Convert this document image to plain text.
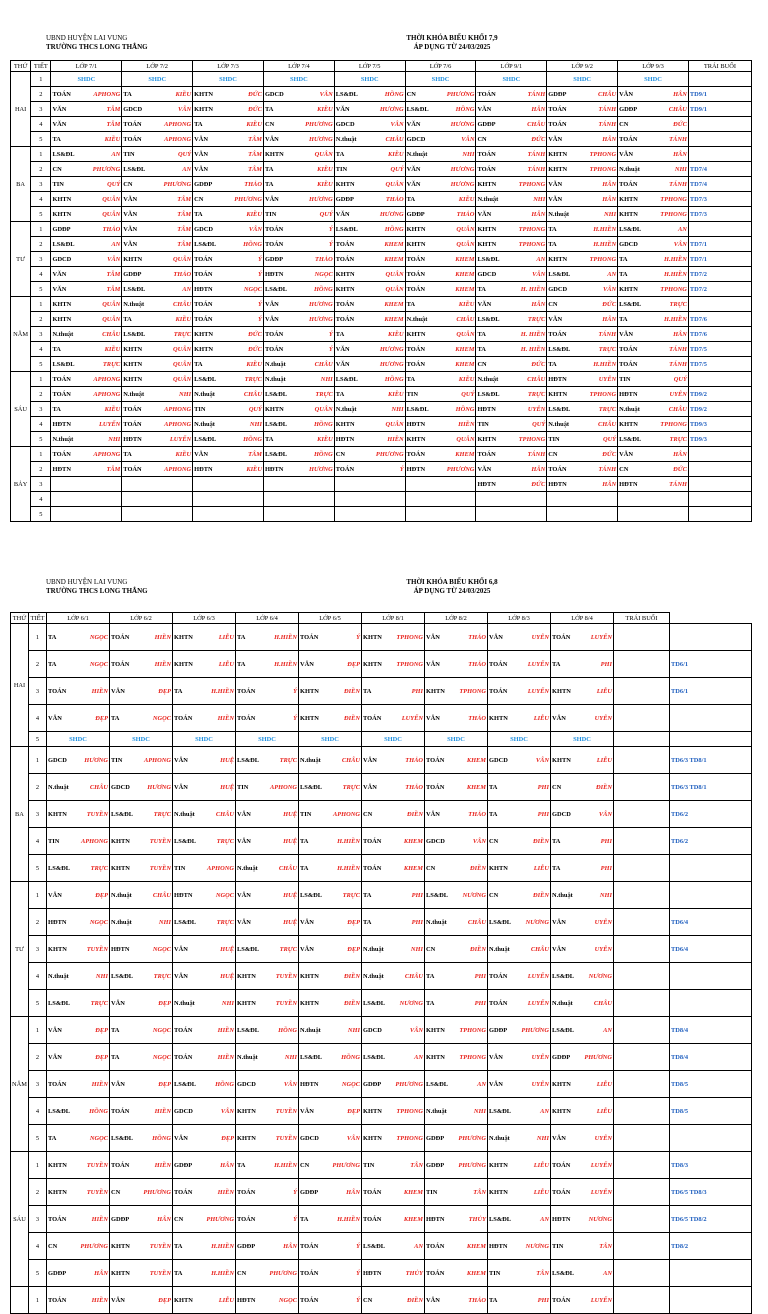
UBND HUYỆN LAI VUNG
TRƯỜNG THCS LONG THẮNG
THỜI KHÓA BIỂU KHỐI 7,9
ÁP DỤNG TỪ 24/03/2025
THỨ	TIẾT	LỚP 7/1	LỚP 7/2	LỚP 7/3	LỚP 7/4	LỚP 7/5	LỚP 7/6	LỚP 9/1	LỚP 9/2	LỚP 9/3		TRÁI BUỔI
HAI	1	SHDC	SHDC	SHDC	SHDC	SHDC	SHDC	SHDC	SHDC	SHDC		
	2	TOÁN APHONG	TA KIỀU	KHTN ĐỨC	GDCD VÂN	LS&ĐL HỒNG	CN PHƯƠNG	TOÁN TÁNH	GDĐP CHÂU	VĂN HÂN		TD9/1
	3	VĂN TÂM	GDCD VÂN	KHTN ĐỨC	TA KIỀU	VĂN HƯƠNG	LS&ĐL HỒNG	VĂN HÂN	TOÁN TÁNH	GDĐP CHÂU		TD9/1
	4	VĂN TÂM	TOÁN APHONG	TA KIỀU	CN PHƯƠNG	GDCD VÂN	VĂN HƯƠNG	GDĐP CHÂU	TOÁN TÁNH	CN ĐỨC	

	5	TA KIỀU	TOÁN APHONG	VĂN TÂM	VĂN HƯƠNG	N.thuật CHÂU	GDCD VÂN	CN ĐỨC	VĂN HÂN	TOÁN TÁNH	

BA	1	LS&ĐL AN	TIN QUÝ	VĂN TÂM	KHTN QUÂN	TA KIỀU	N.thuật NHI	TOÁN TÁNH	KHTN TPHONG	VĂN HÂN	

	2	CN PHƯƠNG	LS&ĐL AN	VĂN TÂM	TA KIỀU	TIN QUÝ	VĂN HƯƠNG	TOÁN TÁNH	KHTN TPHONG	N.thuật NHI		TD7/4
	3	TIN QUÝ	CN PHƯƠNG	GDĐP THẢO	TA KIỀU	KHTN QUÂN	VĂN HƯƠNG	KHTN TPHONG	VĂN HÂN	TOÁN TÁNH		TD7/4
	4	KHTN QUÂN	VĂN TÂM	CN PHƯƠNG	VĂN HƯƠNG	GDĐP THẢO	TA KIỀU	N.thuật NHI	VĂN HÂN	KHTN TPHONG		TD7/3
	5	KHTN QUÂN	VĂN TÂM	TA KIỀU	TIN QUÝ	VĂN HƯƠNG	GDĐP THẢO	VĂN HÂN	N.thuật NHI	KHTN TPHONG		TD7/3
TƯ	1	GDĐP THẢO	VĂN TÂM	GDCD VÂN	TOÁN Ý	LS&ĐL HỒNG	KHTN QUÂN	KHTN TPHONG	TA H.HIỀN	LS&ĐL AN	

	2	LS&ĐL AN	VĂN TÂM	LS&ĐL HỒNG	TOÁN Ý	TOÁN KHEM	KHTN QUÂN	KHTN TPHONG	TA H.HIỀN	GDCD VÂN		TD7/1
	3	GDCD VÂN	KHTN QUÂN	TOÁN Ý	GDĐP THẢO	TOÁN KHEM	TOÁN KHEM	LS&ĐL AN	KHTN TPHONG	TA H.HIỀN		TD7/1
	4	VĂN TÂM	GDĐP THẢO	TOÁN Ý	HĐTN NGỌC	KHTN QUÂN	TOÁN KHEM	GDCD VÂN	LS&ĐL AN	TA H.HIỀN		TD7/2
	5	VĂN TÂM	LS&ĐL AN	HĐTN NGỌC	LS&ĐL HỒNG	KHTN QUÂN	TOÁN KHEM	TA H. HIỀN	GDCD VÂN	KHTN TPHONG		TD7/2
NĂM	1	KHTN QUÂN	N.thuật CHÂU	TOÁN Ý	VĂN HƯƠNG	TOÁN KHEM	TA KIỀU	VĂN HÂN	CN ĐỨC	LS&ĐL TRỰC	

	2	KHTN QUÂN	TA KIỀU	TOÁN Ý	VĂN HƯƠNG	TOÁN KHEM	N.thuật CHÂU	LS&ĐL TRỰC	VĂN HÂN	TA H.HIỀN		TD7/6
	3	N.thuật CHÂU	LS&ĐL TRỰC	KHTN ĐỨC	TOÁN Ý	TA KIỀU	KHTN QUÂN	TA H. HIỀN	TOÁN TÁNH	VĂN HÂN		TD7/6
	4	TA KIỀU	KHTN QUÂN	KHTN ĐỨC	TOÁN Ý	VĂN HƯƠNG	TOÁN KHEM	TA H. HIỀN	LS&ĐL TRỰC	TOÁN TÁNH		TD7/5
	5	LS&ĐL TRỰC	KHTN QUÂN	TA KIỀU	N.thuật CHÂU	VĂN HƯƠNG	TOÁN KHEM	CN ĐỨC	TA H.HIỀN	TOÁN TÁNH		TD7/5
SÁU	1	TOÁN APHONG	KHTN QUÂN	LS&ĐL TRỰC	N.thuật NHI	LS&ĐL HỒNG	TA KIỀU	N.thuật CHÂU	HĐTN UYÊN	TIN QUÝ	

	2	TOÁN APHONG	N.thuật NHI	N.thuật CHÂU	LS&ĐL TRỰC	TA KIỀU	TIN QUÝ	LS&ĐL TRỰC	KHTN TPHONG	HĐTN UYÊN		TD9/2
	3	TA KIỀU	TOÁN APHONG	TIN QUÝ	KHTN QUÂN	N.thuật NHI	LS&ĐL HỒNG	HĐTN UYÊN	LS&ĐL TRỰC	N.thuật CHÂU		TD9/2
	4	HĐTN LUYẾN	TOÁN APHONG	N.thuật NHI	LS&ĐL HỒNG	KHTN QUÂN	HĐTN HIỀN	TIN QUÝ	N.thuật CHÂU	KHTN TPHONG		TD9/3
	5	N.thuật NHI	HĐTN LUYẾN	LS&ĐL HỒNG	TA KIỀU	HĐTN HIỀN	KHTN QUÂN	KHTN TPHONG	TIN QUÝ	LS&ĐL TRỰC		TD9/3
BẢY	1	TOÁN APHONG	TA KIỀU	VĂN TÂM	LS&ĐL HỒNG	CN PHƯƠNG	TOÁN KHEM	TOÁN TÁNH	CN ĐỨC	VĂN HÂN	

	2	HĐTN TÂM	TOÁN APHONG	HĐTN KIỀU	HĐTN HƯƠNG	TOÁN Ý	HĐTN PHƯƠNG	VĂN HÂN	TOÁN TÁNH	CN ĐỨC	

	3							HĐTN ĐỨC	HĐTN HÂN	HĐTN TÁNH	

	4	

	5	

UBND HUYỆN LAI VUNG
TRƯỜNG THCS LONG THẮNG
THỜI KHÓA BIỂU KHỐI 6,8
ÁP DỤNG TỪ 24/03/2025
THỨ	TIẾT	LỚP 6/1	LỚP 6/2	LỚP 6/3	LỚP 6/4	LỚP 6/5	LỚP 8/1	LỚP 8/2	LỚP 8/3	LỚP 8/4		TRÁI BUỔI	
HAI	1	TA NGỌC	TOÁN HIỀN	KHTN LIỄU	TA H.HIỀN	TOÁN Ý	KHTN TPHONG	VĂN THẢO	VĂN UYÊN	TOÁN LUYẾN

	2	TA NGỌC	TOÁN HIỀN	KHTN LIỄU	TA H.HIỀN	VĂN ĐẸP	KHTN TPHONG	VĂN THẢO	TOÁN LUYẾN	TA PHI			TD6/1
	3	TOÁN HIỀN	VĂN ĐẸP	TA H.HIỀN	TOÁN Ý	KHTN ĐIỀN	TA PHI	KHTN TPHONG	TOÁN LUYẾN	KHTN LIỄU			TD6/1
	4	VĂN ĐẸP	TA NGỌC	TOÁN HIỀN	TOÁN Ý	KHTN ĐIỀN	TOÁN LUYẾN	VĂN THẢO	KHTN LIỄU	VĂN UYÊN

	5	SHDC	SHDC	SHDC	SHDC	SHDC	SHDC	SHDC	SHDC	SHDC			
BA	1	GDCD HƯƠNG	TIN APHONG	VĂN HUỆ	LS&ĐL TRỰC	N.thuật CHÂU	VĂN THẢO	TOÁN KHEM	GDCD VÂN	KHTN LIỄU			TD6/3 TD8/1
	2	N.thuật CHÂU	GDCD HƯƠNG	VĂN HUỆ	TIN APHONG	LS&ĐL TRỰC	VĂN THẢO	TOÁN KHEM	TA PHI	CN ĐIỀN			TD6/3 TD8/1
	3	KHTN TUYỀN	LS&ĐL TRỰC	N.thuật CHÂU	VĂN HUỆ	TIN APHONG	CN ĐIỀN	VĂN THẢO	TA PHI	GDCD VÂN			TD6/2
	4	TIN APHONG	KHTN TUYỀN	LS&ĐL TRỰC	VĂN HUỆ	TA H.HIỀN	TOÁN KHEM	GDCD VÂN	CN ĐIỀN	TA PHI			TD6/2
	5	LS&ĐL TRỰC	KHTN TUYỀN	TIN APHONG	N.thuật CHÂU	TA H.HIỀN	TOÁN KHEM	CN ĐIỀN	KHTN LIỄU	TA PHI

TƯ	1	VĂN ĐẸP	N.thuật CHÂU	HĐTN NGỌC	VĂN HUỆ	LS&ĐL TRỰC	TA PHI	LS&ĐL NƯƠNG	CN ĐIỀN	N.thuật NHI

	2	HĐTN NGỌC	N.thuật NHI	LS&ĐL TRỰC	VĂN HUỆ	VĂN ĐẸP	TA PHI	N.thuật CHÂU	LS&ĐL NƯƠNG	VĂN UYÊN			TD6/4
	3	KHTN TUYỀN	HĐTN NGỌC	VĂN HUỆ	LS&ĐL TRỰC	VĂN ĐẸP	N.thuật NHI	CN ĐIỀN	N.thuật CHÂU	VĂN UYÊN			TD6/4
	4	N.thuật NHI	LS&ĐL TRỰC	VĂN HUỆ	KHTN TUYỀN	KHTN ĐIỀN	N.thuật CHÂU	TA PHI	TOÁN LUYẾN	LS&ĐL NƯƠNG

	5	LS&ĐL TRỰC	VĂN ĐẸP	N.thuật NHI	KHTN TUYỀN	KHTN ĐIỀN	LS&ĐL NƯƠNG	TA PHI	TOÁN LUYẾN	N.thuật CHÂU

NĂM	1	VĂN ĐẸP	TA NGỌC	TOÁN HIỀN	LS&ĐL HỒNG	N.thuật NHI	GDCD VÂN	KHTN TPHONG	GDĐP PHƯƠNG	LS&ĐL AN			TD8/4
	2	VĂN ĐẸP	TA NGỌC	TOÁN HIỀN	N.thuật NHI	LS&ĐL HỒNG	LS&ĐL AN	KHTN TPHONG	VĂN UYÊN	GDĐP PHƯƠNG			TD8/4
	3	TOÁN HIỀN	VĂN ĐẸP	LS&ĐL HỒNG	GDCD VÂN	HĐTN NGỌC	GDĐP PHƯƠNG	LS&ĐL AN	VĂN UYÊN	KHTN LIỄU			TD8/5
	4	LS&ĐL HỒNG	TOÁN HIỀN	GDCD VÂN	KHTN TUYỀN	VĂN ĐẸP	KHTN TPHONG	N.thuật NHI	LS&ĐL AN	KHTN LIỄU			TD8/5
	5	TA NGỌC	LS&ĐL HỒNG	VĂN ĐẸP	KHTN TUYỀN	GDCD VÂN	KHTN TPHONG	GDĐP PHƯƠNG	N.thuật NHI	VĂN UYÊN

SÁU	1	KHTN TUYỀN	TOÁN HIỀN	GDĐP HÂN	TA H.HIỀN	CN PHƯƠNG	TIN TÂN	GDĐP PHƯƠNG	KHTN LIỄU	TOÁN LUYẾN			TD8/3
	2	KHTN TUYỀN	CN PHƯƠNG	TOÁN HIỀN	TOÁN Ý	GDĐP HÂN	TOÁN KHEM	TIN TÂN	KHTN LIỄU	TOÁN LUYẾN			TD6/5 TD8/3
	3	TOÁN HIỀN	GDĐP HÂN	CN PHƯƠNG	TOÁN Ý	TA H.HIỀN	TOÁN KHEM	HĐTN THỦY	LS&ĐL AN	HĐTN NƯƠNG			TD6/5 TD8/2
	4	CN PHƯƠNG	KHTN TUYỀN	TA H.HIỀN	GDĐP HÂN	TOÁN Ý	LS&ĐL AN	TOÁN KHEM	HĐTN NƯƠNG	TIN TÂN			TD8/2
	5	GDĐP HÂN	KHTN TUYỀN	TA H.HIỀN	CN PHƯƠNG	TOÁN Ý	HĐTN THỦY	TOÁN KHEM	TIN TÂN	LS&ĐL AN

	1	TOÁN HIỀN	VĂN ĐẸP	KHTN LIỄU	HĐTN NGỌC	TOÁN Ý	CN ĐIỀN	VĂN THẢO	TA PHI	TOÁN LUYẾN
